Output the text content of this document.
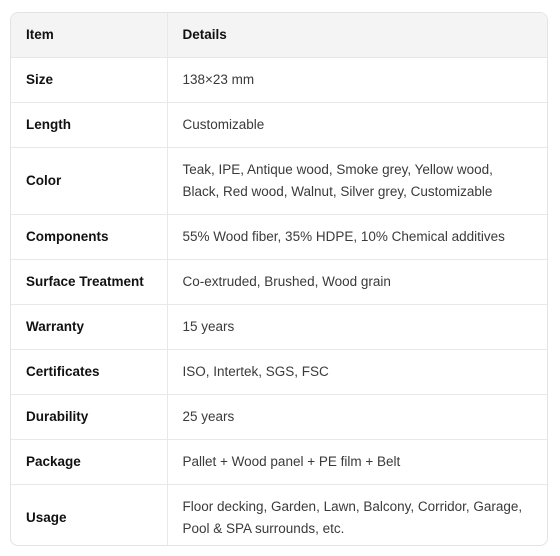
Item	Details
Size	138×23 mm
Length	Customizable
Color	Teak, IPE, Antique wood, Smoke grey, Yellow wood, Black, Red wood, Walnut, Silver grey, Customizable
Components	55% Wood fiber, 35% HDPE, 10% Chemical additives
Surface Treatment	Co-extruded, Brushed, Wood grain
Warranty	15 years
Certificates	ISO, Intertek, SGS, FSC
Durability	25 years
Package	Pallet + Wood panel + PE film + Belt
Usage	Floor decking, Garden, Lawn, Balcony, Corridor, Garage, Pool & SPA surrounds, etc.
